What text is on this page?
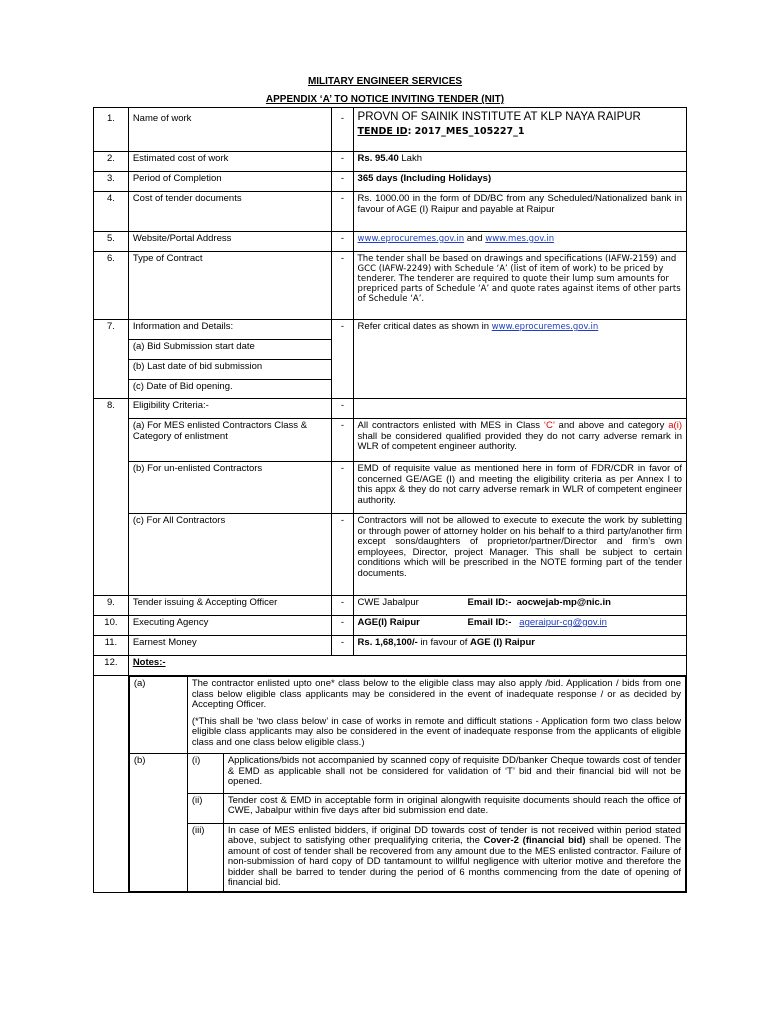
MILITARY ENGINEER SERVICES
APPENDIX ‘A’ TO NOTICE INVITING TENDER (NIT)
1.	Name of work	-	PROVN OF SAINIK INSTITUTE AT KLP NAYA RAIPUR
TENDE ID: 2017_MES_105227_1

2.	Estimated cost of work	-	Rs. 95.40 Lakh
3.	Period of Completion	-	365 days (Including Holidays)
4.	Cost of tender documents	-	Rs. 1000.00 in the form of DD/BC from any Scheduled/Nationalized bank in favour of AGE (I) Raipur and payable at Raipur
5.	Website/Portal Address	-	www.eprocuremes.gov.in and www.mes.gov.in
6.	Type of Contract	-	The tender shall be based on drawings and specifications (IAFW-2159) and GCC (IAFW-2249) with Schedule ‘A’ (list of item of work) to be priced by tenderer. The tenderer are required to quote their lump sum amounts for prepriced parts of Schedule ‘A’ and quote rates against items of other parts of Schedule ‘A’.
7.	Information and Details:	-	Refer critical dates as shown in www.eprocuremes.gov.in
(a) Bid Submission start date
(b) Last date of bid submission
(c) Date of Bid opening.
8.	Eligibility Criteria:-	-	
(a) For MES enlisted Contractors Class & Category of enlistment	-	All contractors enlisted with MES in Class ‘C’ and above and category a(i) shall be considered qualified provided they do not carry adverse remark in WLR of competent engineer authority.
(b) For un-enlisted Contractors	-	EMD of requisite value as mentioned here in form of FDR/CDR in favor of concerned GE/AGE (I) and meeting the eligibility criteria as per Annex I to this appx & they do not carry adverse remark in WLR of competent engineer authority.
(c) For All Contractors	-	Contractors will not be allowed to execute to execute the work by subletting or through power of attorney holder on his behalf to a third party/another firm except sons/daughters of proprietor/partner/Director and firm’s own employees, Director, project Manager. This shall be subject to certain conditions which will be prescribed in the NOTE forming part of the tender documents.
9.	Tender issuing & Accepting Officer	-	CWE Jabalpur	Email ID:- aocwejab-mp@nic.in
10.	Executing Agency	-	AGE(I) Raipur	Email ID:- ageraipur-cg@gov.in
11.	Earnest Money	-	Rs. 1,68,100/- in favour of AGE (I) Raipur
12.	Notes:-

(a)	The contractor enlisted upto one* class below to the eligible class may also apply /bid. Application / bids from one class below eligible class applicants may be considered in the event of inadequate response / or as decided by Accepting Officer.
(*This shall be ‘two class below’ in case of works in remote and difficult stations - Application form two class below eligible class applicants may also be considered in the event of inadequate response from the applicants of eligible class and one class below eligible class.)

(b)	(i)	Applications/bids not accompanied by scanned copy of requisite DD/banker Cheque towards cost of tender & EMD as applicable shall not be considered for validation of ‘T’ bid and their financial bid will not be opened.
(ii)	Tender cost & EMD in acceptable form in original alongwith requisite documents should reach the office of CWE, Jabalpur within five days after bid submission end date.
(iii)	In case of MES enlisted bidders, if original DD towards cost of tender is not received within period stated above, subject to satisfying other prequalifying criteria, the Cover-2 (financial bid) shall be opened. The amount of cost of tender shall be recovered from any amount due to the MES enlisted contractor. Failure of non-submission of hard copy of DD tantamount to willful negligence with ulterior motive and therefore the bidder shall be barred to tender during the period of 6 months commencing from the date of opening of financial bid.
